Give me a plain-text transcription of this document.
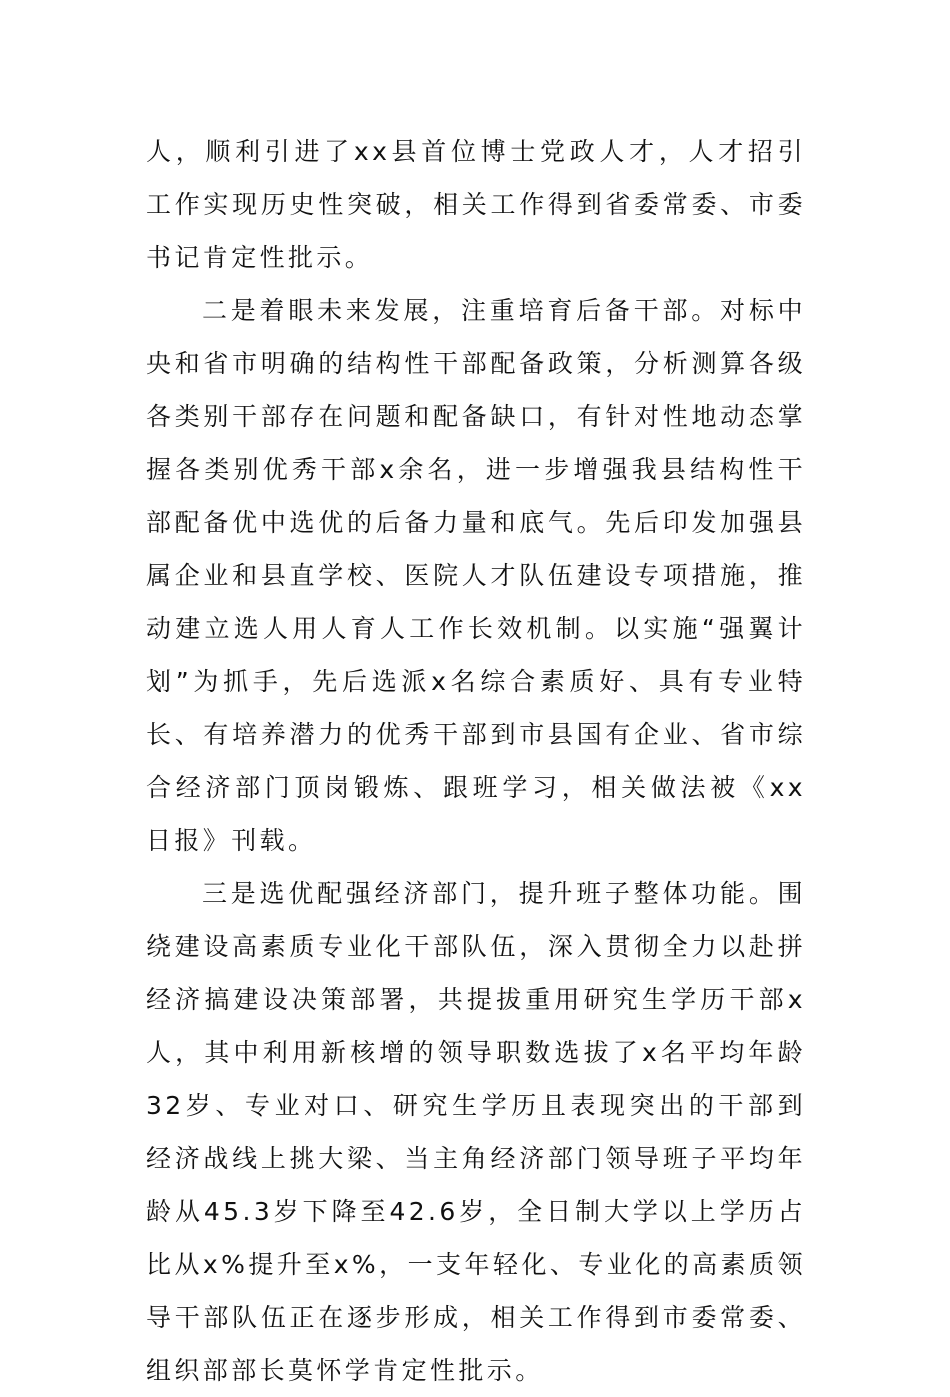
人，顺利引进了xx县首位博士党政人才，人才招引工作实现历史性突破，相关工作得到省委常委、市委书记肯定性批示。

二是着眼未来发展，注重培育后备干部。对标中央和省市明确的结构性干部配备政策，分析测算各级各类别干部存在问题和配备缺口，有针对性地动态掌握各类别优秀干部x余名，进一步增强我县结构性干部配备优中选优的后备力量和底气。先后印发加强县属企业和县直学校、医院人才队伍建设专项措施，推动建立选人用人育人工作长效机制。以实施“强翼计划”为抓手，先后选派x名综合素质好、具有专业特长、有培养潜力的优秀干部到市县国有企业、省市综合经济部门顶岗锻炼、跟班学习，相关做法被《xx日报》刊载。

三是选优配强经济部门，提升班子整体功能。围绕建设高素质专业化干部队伍，深入贯彻全力以赴拼经济搞建设决策部署，共提拔重用研究生学历干部x人，其中利用新核增的领导职数选拔了x名平均年龄32岁、专业对口、研究生学历且表现突出的干部到经济战线上挑大梁、当主角经济部门领导班子平均年龄从45.3岁下降至42.6岁，全日制大学以上学历占比从x%提升至x%，一支年轻化、专业化的高素质领导干部队伍正在逐步形成，相关工作得到市委常委、组织部部长莫怀学肯定性批示。
